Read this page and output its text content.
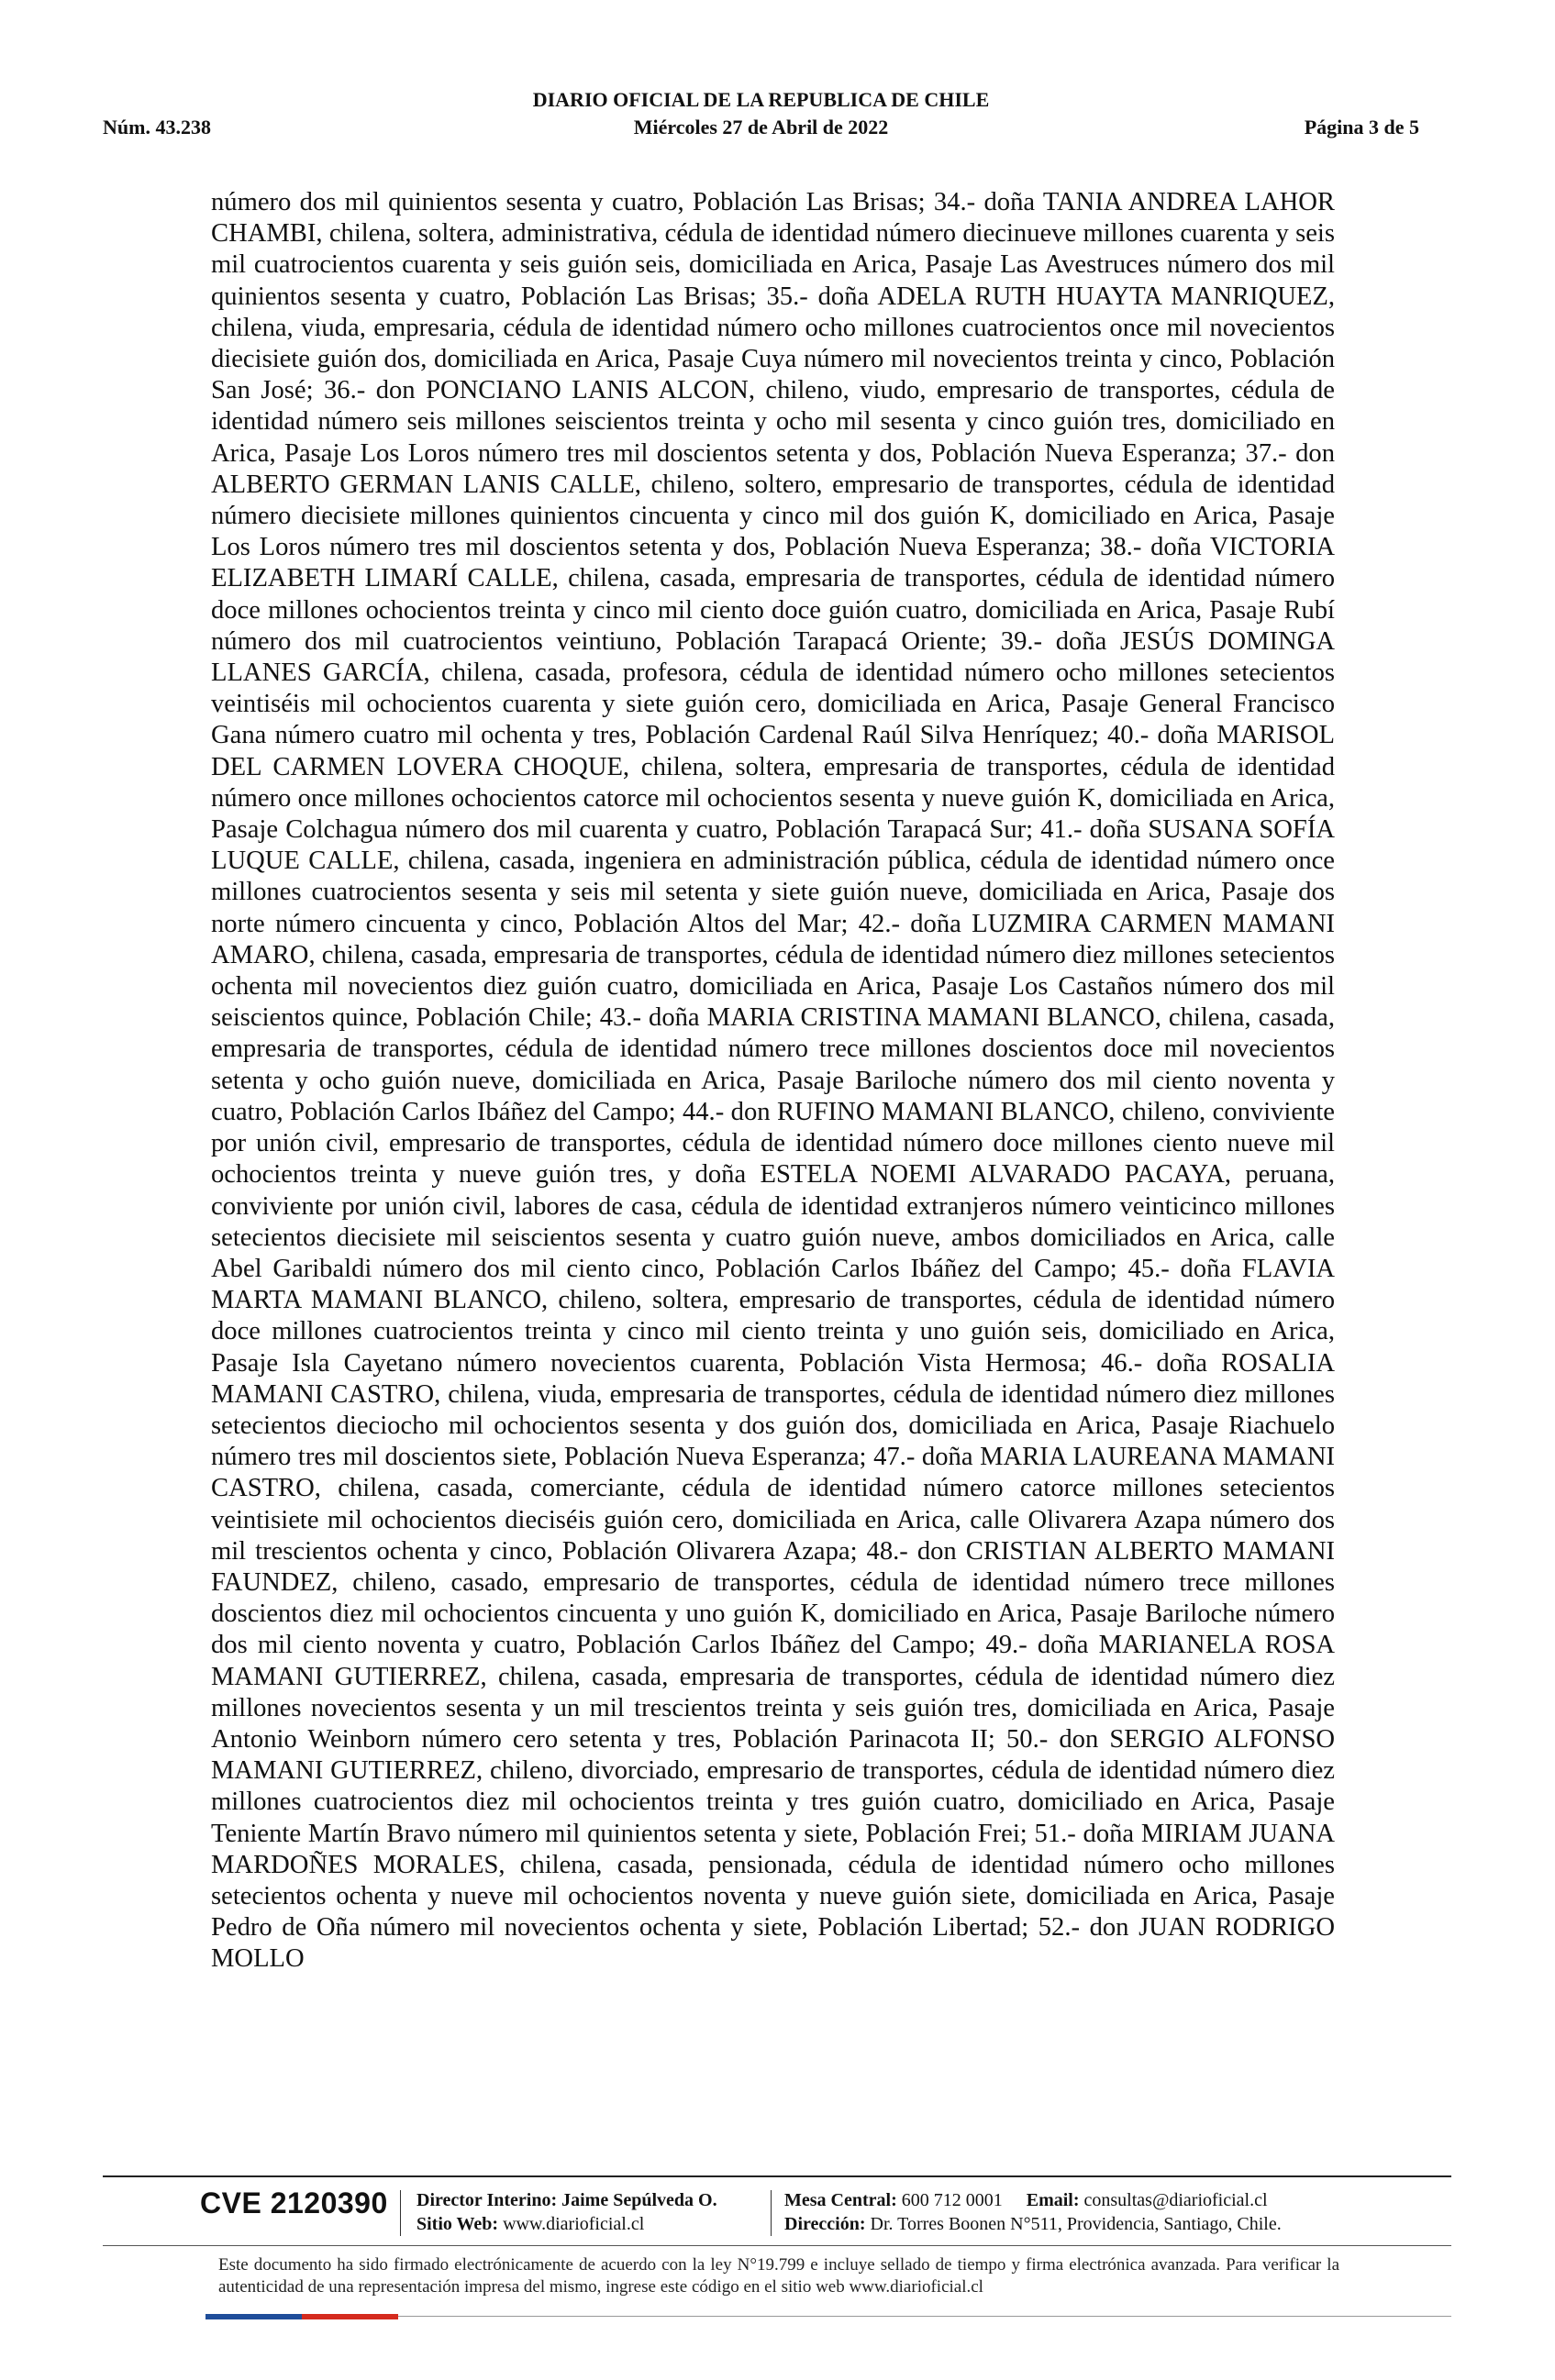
DIARIO OFICIAL DE LA REPUBLICA DE CHILE
Núm. 43.238	Miércoles 27 de Abril de 2022	Página 3 de 5

número dos mil quinientos sesenta y cuatro, Población Las Brisas; 34.- doña TANIA ANDREA LAHOR CHAMBI, chilena, soltera, administrativa, cédula de identidad número diecinueve millones cuarenta y seis mil cuatrocientos cuarenta y seis guión seis, domiciliada en Arica, Pasaje Las Avestruces número dos mil quinientos sesenta y cuatro, Población Las Brisas; 35.- doña ADELA RUTH HUAYTA MANRIQUEZ, chilena, viuda, empresaria, cédula de identidad número ocho millones cuatrocientos once mil novecientos diecisiete guión dos, domiciliada en Arica, Pasaje Cuya número mil novecientos treinta y cinco, Población San José; 36.- don PONCIANO LANIS ALCON, chileno, viudo, empresario de transportes, cédula de identidad número seis millones seiscientos treinta y ocho mil sesenta y cinco guión tres, domiciliado en Arica, Pasaje Los Loros número tres mil doscientos setenta y dos, Población Nueva Esperanza; 37.- don ALBERTO GERMAN LANIS CALLE, chileno, soltero, empresario de transportes, cédula de identidad número diecisiete millones quinientos cincuenta y cinco mil dos guión K, domiciliado en Arica, Pasaje Los Loros número tres mil doscientos setenta y dos, Población Nueva Esperanza; 38.- doña VICTORIA ELIZABETH LIMARÍ CALLE, chilena, casada, empresaria de transportes, cédula de identidad número doce millones ochocientos treinta y cinco mil ciento doce guión cuatro, domiciliada en Arica, Pasaje Rubí número dos mil cuatrocientos veintiuno, Población Tarapacá Oriente; 39.- doña JESÚS DOMINGA LLANES GARCÍA, chilena, casada, profesora, cédula de identidad número ocho millones setecientos veintiséis mil ochocientos cuarenta y siete guión cero, domiciliada en Arica, Pasaje General Francisco Gana número cuatro mil ochenta y tres, Población Cardenal Raúl Silva Henríquez; 40.- doña MARISOL DEL CARMEN LOVERA CHOQUE, chilena, soltera, empresaria de transportes, cédula de identidad número once millones ochocientos catorce mil ochocientos sesenta y nueve guión K, domiciliada en Arica, Pasaje Colchagua número dos mil cuarenta y cuatro, Población Tarapacá Sur; 41.- doña SUSANA SOFÍA LUQUE CALLE, chilena, casada, ingeniera en administración pública, cédula de identidad número once millones cuatrocientos sesenta y seis mil setenta y siete guión nueve, domiciliada en Arica, Pasaje dos norte número cincuenta y cinco, Población Altos del Mar; 42.- doña LUZMIRA CARMEN MAMANI AMARO, chilena, casada, empresaria de transportes, cédula de identidad número diez millones setecientos ochenta mil novecientos diez guión cuatro, domiciliada en Arica, Pasaje Los Castaños número dos mil seiscientos quince, Población Chile; 43.- doña MARIA CRISTINA MAMANI BLANCO, chilena, casada, empresaria de transportes, cédula de identidad número trece millones doscientos doce mil novecientos setenta y ocho guión nueve, domiciliada en Arica, Pasaje Bariloche número dos mil ciento noventa y cuatro, Población Carlos Ibáñez del Campo; 44.- don RUFINO MAMANI BLANCO, chileno, conviviente por unión civil, empresario de transportes, cédula de identidad número doce millones ciento nueve mil ochocientos treinta y nueve guión tres, y doña ESTELA NOEMI ALVARADO PACAYA, peruana, conviviente por unión civil, labores de casa, cédula de identidad extranjeros número veinticinco millones setecientos diecisiete mil seiscientos sesenta y cuatro guión nueve, ambos domiciliados en Arica, calle Abel Garibaldi número dos mil ciento cinco, Población Carlos Ibáñez del Campo; 45.- doña FLAVIA MARTA MAMANI BLANCO, chileno, soltera, empresario de transportes, cédula de identidad número doce millones cuatrocientos treinta y cinco mil ciento treinta y uno guión seis, domiciliado en Arica, Pasaje Isla Cayetano número novecientos cuarenta, Población Vista Hermosa; 46.- doña ROSALIA MAMANI CASTRO, chilena, viuda, empresaria de transportes, cédula de identidad número diez millones setecientos dieciocho mil ochocientos sesenta y dos guión dos, domiciliada en Arica, Pasaje Riachuelo número tres mil doscientos siete, Población Nueva Esperanza; 47.- doña MARIA LAUREANA MAMANI CASTRO, chilena, casada, comerciante, cédula de identidad número catorce millones setecientos veintisiete mil ochocientos dieciséis guión cero, domiciliada en Arica, calle Olivarera Azapa número dos mil trescientos ochenta y cinco, Población Olivarera Azapa; 48.- don CRISTIAN ALBERTO MAMANI FAUNDEZ, chileno, casado, empresario de transportes, cédula de identidad número trece millones doscientos diez mil ochocientos cincuenta y uno guión K, domiciliado en Arica, Pasaje Bariloche número dos mil ciento noventa y cuatro, Población Carlos Ibáñez del Campo; 49.- doña MARIANELA ROSA MAMANI GUTIERREZ, chilena, casada, empresaria de transportes, cédula de identidad número diez millones novecientos sesenta y un mil trescientos treinta y seis guión tres, domiciliada en Arica, Pasaje Antonio Weinborn número cero setenta y tres, Población Parinacota II; 50.- don SERGIO ALFONSO MAMANI GUTIERREZ, chileno, divorciado, empresario de transportes, cédula de identidad número diez millones cuatrocientos diez mil ochocientos treinta y tres guión cuatro, domiciliado en Arica, Pasaje Teniente Martín Bravo número mil quinientos setenta y siete, Población Frei; 51.- doña MIRIAM JUANA MARDOÑES MORALES, chilena, casada, pensionada, cédula de identidad número ocho millones setecientos ochenta y nueve mil ochocientos noventa y nueve guión siete, domiciliada en Arica, Pasaje Pedro de Oña número mil novecientos ochenta y siete, Población Libertad; 52.- don JUAN RODRIGO MOLLO

CVE 2120390 Director Interino: Jaime Sepúlveda O.
Sitio Web: www.diarioficial.cl
Mesa Central: 600 712 0001 Email: consultas@diarioficial.cl
Dirección: Dr. Torres Boonen N°511, Providencia, Santiago, Chile.
Este documento ha sido firmado electrónicamente de acuerdo con la ley N°19.799 e incluye sellado de tiempo y firma electrónica avanzada. Para verificar la autenticidad de una representación impresa del mismo, ingrese este código en el sitio web www.diarioficial.cl
